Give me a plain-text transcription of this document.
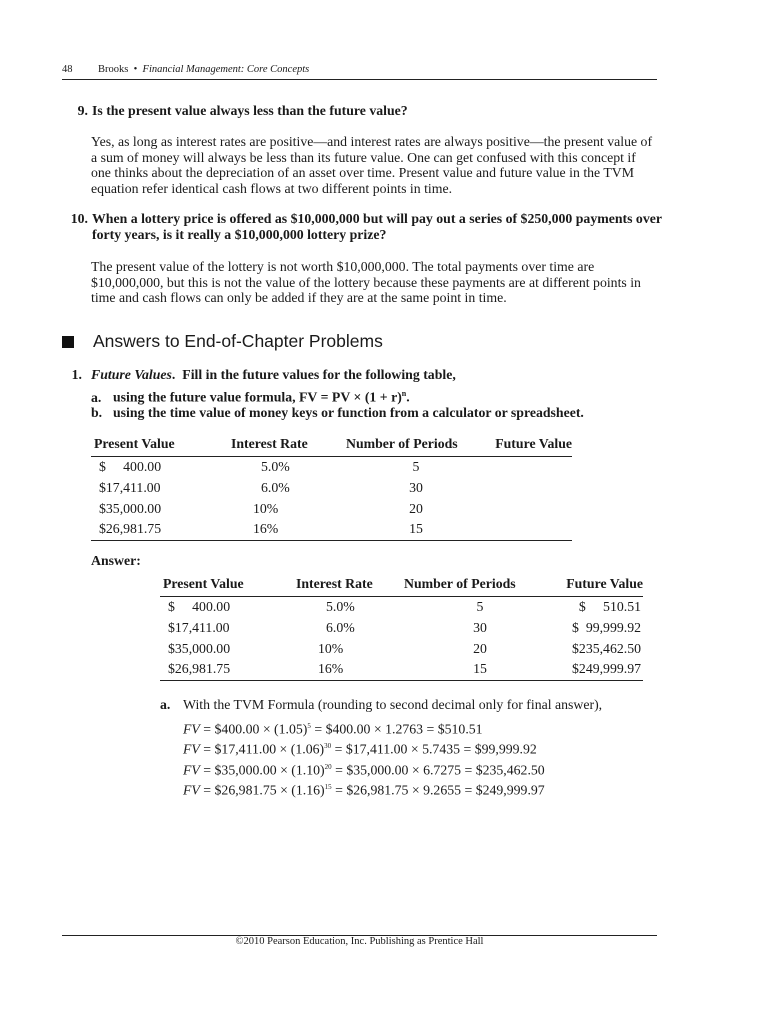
48 Brooks • Financial Management: Core Concepts
9. Is the present value always less than the future value?

Yes, as long as interest rates are positive—and interest rates are always positive—the present value of a sum of money will always be less than its future value. One can get confused with this concept if one thinks about the depreciation of an asset over time. Present value and future value in the TVM equation refer identical cash flows at two different points in time.

10. When a lottery price is offered as $10,000,000 but will pay out a series of $250,000 payments over forty years, is it really a $10,000,000 lottery prize?

The present value of the lottery is not worth $10,000,000. The total payments over time are $10,000,000, but this is not the value of the lottery because these payments are at different points in time and cash flows can only be added if they are at the same point in time.

Answers to End-of-Chapter Problems
1. Future Values.  Fill in the future values for the following table,
a. using the future value formula, FV = PV × $(1 + r)^n$.
b. using the time value of money keys or function from a calculator or spreadsheet.
Present Value	Interest Rate	Number of Periods	Future Value
$     400.00	5.0%	5	
$17,411.00	6.0%	30	
$35,000.00	10%	20	
$26,981.75	16%	15	
Answer:
Present Value	Interest Rate	Number of Periods	Future Value
$     400.00	5.0%	5	$     510.51
$17,411.00	6.0%	30	$  99,999.92
$35,000.00	10%	20	$235,462.50
$26,981.75	16%	15	$249,999.97
a. With the TVM Formula (rounding to second decimal only for final answer),
FV = $400.00 × $(1.05)^5$ = $400.00 × 1.2763 = $510.51
FV = $17,411.00 × $(1.06)^{30}$ = $17,411.00 × 5.7435 = $99,999.92
FV = $35,000.00 × $(1.10)^{20}$ = $35,000.00 × 6.7275 = $235,462.50
FV = $26,981.75 × $(1.16)^{15}$ = $26,981.75 × 9.2655 = $249,999.97
©2010 Pearson Education, Inc. Publishing as Prentice Hall
